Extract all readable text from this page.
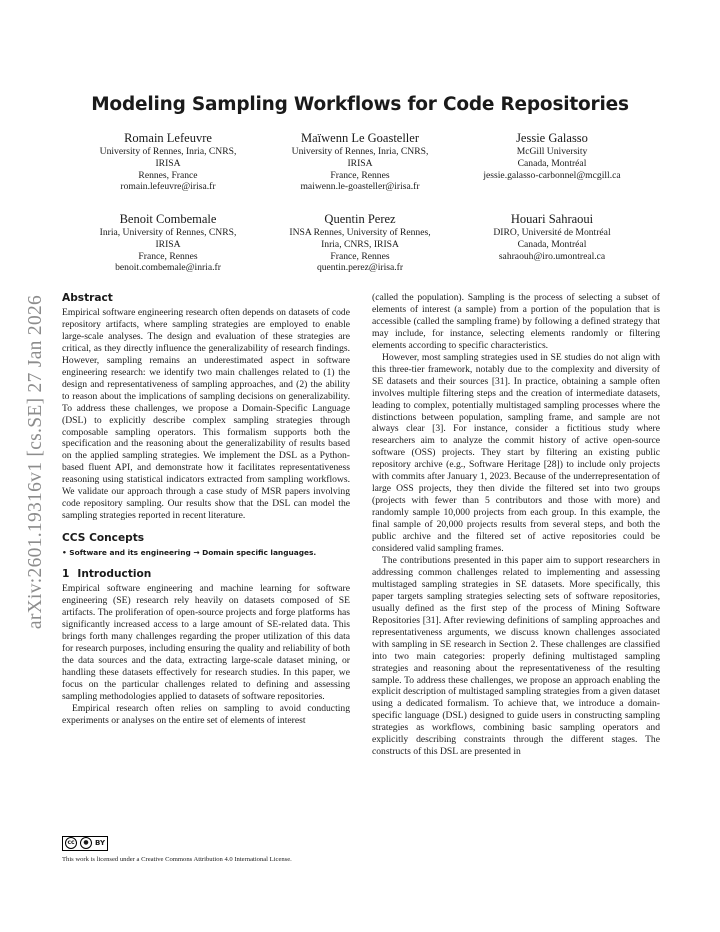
Modeling Sampling Workflows for Code Repositories
Romain Lefeuvre
University of Rennes, Inria, CNRS,
IRISA
Rennes, France
romain.lefeuvre@irisa.fr
Maïwenn Le Goasteller
University of Rennes, Inria, CNRS,
IRISA
France, Rennes
maiwenn.le-goasteller@irisa.fr
Jessie Galasso
McGill University
Canada, Montréal
jessie.galasso-carbonnel@mcgill.ca
Benoit Combemale
Inria, University of Rennes, CNRS,
IRISA
France, Rennes
benoit.combemale@inria.fr
Quentin Perez
INSA Rennes, University of Rennes,
Inria, CNRS, IRISA
France, Rennes
quentin.perez@irisa.fr
Houari Sahraoui
DIRO, Université de Montréal
Canada, Montréal
sahraouh@iro.umontreal.ca
arXiv:2601.19316v1 [cs.SE] 27 Jan 2026 Abstract

Empirical software engineering research often depends on datasets of code repository artifacts, where sampling strategies are employed to enable large-scale analyses. The design and evaluation of these strategies are critical, as they directly influence the generalizability of research findings. However, sampling remains an underestimated aspect in software engineering research: we identify two main challenges related to (1) the design and representativeness of sampling approaches, and (2) the ability to reason about the implications of sampling decisions on generalizability. To address these challenges, we propose a Domain-Specific Language (DSL) to explicitly describe complex sampling strategies through composable sampling operators. This formalism supports both the specification and the reasoning about the generalizability of results based on the applied sampling strategies. We implement the DSL as a Python-based fluent API, and demonstrate how it facilitates representativeness reasoning using statistical indicators extracted from sampling workflows. We validate our approach through a case study of MSR papers involving code repository sampling. Our results show that the DSL can model the sampling strategies reported in recent literature.

CCS Concepts
• Software and its engineering → Domain specific languages.
1 Introduction

Empirical software engineering and machine learning for software engineering (SE) research rely heavily on datasets composed of SE artifacts. The proliferation of open-source projects and forge platforms has significantly increased access to a large amount of SE-related data. This brings forth many challenges regarding the proper utilization of this data for research purposes, including ensuring the quality and reliability of both the data sources and the data, extracting large-scale dataset mining, or handling these datasets effectively for research studies. In this paper, we focus on the particular challenges related to defining and assessing sampling methodologies applied to datasets of software repositories.

Empirical research often relies on sampling to avoid conducting experiments or analyses on the entire set of elements of interest

(called the population). Sampling is the process of selecting a subset of elements of interest (a sample) from a portion of the population that is accessible (called the sampling frame) by following a defined strategy that may include, for instance, selecting elements randomly or filtering elements according to specific characteristics.

However, most sampling strategies used in SE studies do not align with this three-tier framework, notably due to the complexity and diversity of SE datasets and their sources [31]. In practice, obtaining a sample often involves multiple filtering steps and the creation of intermediate datasets, leading to complex, potentially multistaged sampling processes where the distinctions between population, sampling frame, and sample are not always clear [3]. For instance, consider a fictitious study where researchers aim to analyze the commit history of active open-source software (OSS) projects. They start by filtering an existing public repository archive (e.g., Software Heritage [28]) to include only projects with commits after January 1, 2023. Because of the underrepresentation of large OSS projects, they then divide the filtered set into two groups (projects with fewer than 5 contributors and those with more) and randomly sample 10,000 projects from each group. In this example, the final sample of 20,000 projects results from several steps, and both the public archive and the filtered set of active repositories could be considered valid sampling frames.

The contributions presented in this paper aim to support researchers in addressing common challenges related to implementing and assessing multistaged sampling strategies in SE datasets. More specifically, this paper targets sampling strategies selecting sets of software repositories, usually defined as the first step of the process of Mining Software Repositories [31]. After reviewing definitions of sampling approaches and representativeness arguments, we discuss known challenges associated with sampling in SE research in Section 2. These challenges are classified into two main categories: properly defining multistaged sampling strategies and reasoning about the representativeness of the resulting sample. To address these challenges, we propose an approach enabling the explicit description of multistaged sampling strategies from a given dataset using a dedicated formalism. To achieve that, we introduce a domain-specific language (DSL) designed to guide users in constructing sampling strategies as workflows, combining basic sampling operators and explicitly describing constraints through the different stages. The constructs of this DSL are presented in

cc	● BY
This work is licensed under a Creative Commons Attribution 4.0 International License.
